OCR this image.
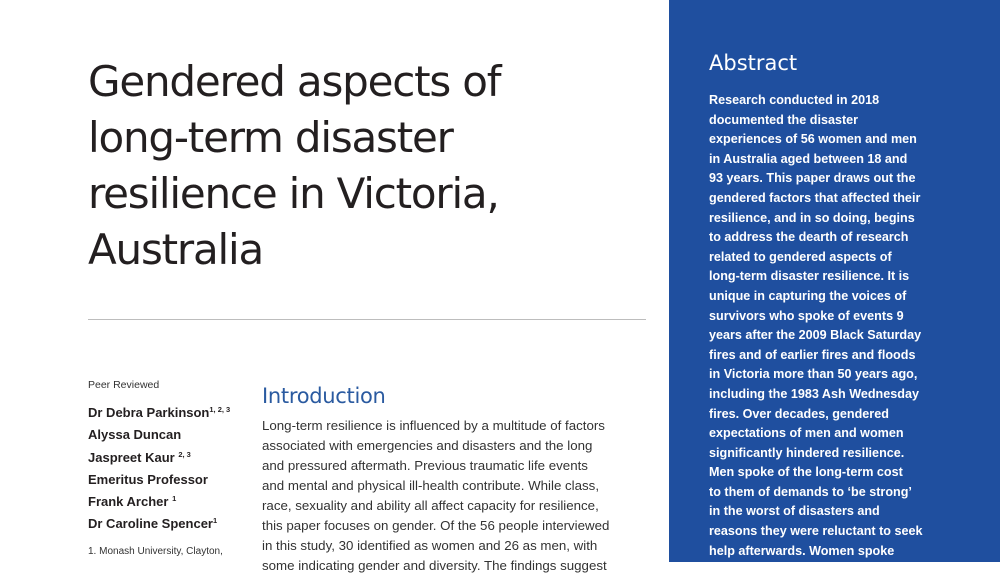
Gendered aspects of
long-term disaster
resilience in Victoria,
Australia
Peer Reviewed
Dr Debra Parkinson$^{1, 2, 3}$
Alyssa Duncan
Jaspreet Kaur $^{2, 3}$
Emeritus Professor
Frank Archer $^1$
Dr Caroline Spencer$^1$
1. Monash University, Clayton,
Introduction
Long-term resilience is influenced by a multitude of factors
associated with emergencies and disasters and the long
and pressured aftermath. Previous traumatic life events
and mental and physical ill-health contribute. While class,
race, sexuality and ability all affect capacity for resilience,
this paper focuses on gender. Of the 56 people interviewed
in this study, 30 identified as women and 26 as men, with
some indicating gender and diversity. The findings suggest
Abstract
Research conducted in 2018
documented the disaster
experiences of 56 women and men
in Australia aged between 18 and
93 years. This paper draws out the
gendered factors that affected their
resilience, and in so doing, begins
to address the dearth of research
related to gendered aspects of
long-term disaster resilience. It is
unique in capturing the voices of
survivors who spoke of events 9
years after the 2009 Black Saturday
fires and of earlier fires and floods
in Victoria more than 50 years ago,
including the 1983 Ash Wednesday
fires. Over decades, gendered
expectations of men and women
significantly hindered resilience.
Men spoke of the long-term cost
to them of demands to ‘be strong’
in the worst of disasters and
reasons they were reluctant to seek
help afterwards. Women spoke
